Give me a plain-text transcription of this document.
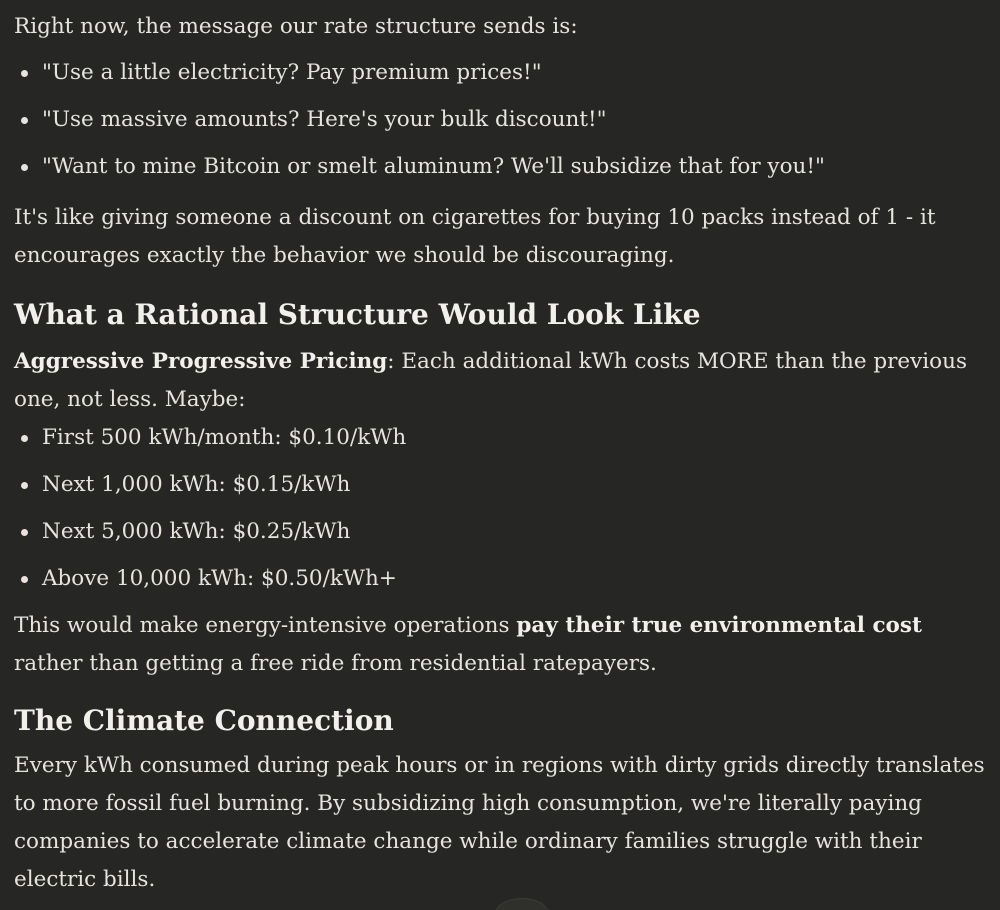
Right now, the message our rate structure sends is:

"Use a little electricity? Pay premium prices!"
"Use massive amounts? Here's your bulk discount!"
"Want to mine Bitcoin or smelt aluminum? We'll subsidize that for you!"

It's like giving someone a discount on cigarettes for buying 10 packs instead of 1 - it encourages exactly the behavior we should be discouraging.

What a Rational Structure Would Look Like

Aggressive Progressive Pricing: Each additional kWh costs MORE than the previous one, not less. Maybe:

First 500 kWh/month: $0.10/kWh
Next 1,000 kWh: $0.15/kWh
Next 5,000 kWh: $0.25/kWh
Above 10,000 kWh: $0.50/kWh+

This would make energy-intensive operations pay their true environmental cost rather than getting a free ride from residential ratepayers.

The Climate Connection

Every kWh consumed during peak hours or in regions with dirty grids directly translates to more fossil fuel burning. By subsidizing high consumption, we're literally paying companies to accelerate climate change while ordinary families struggle with their electric bills.
